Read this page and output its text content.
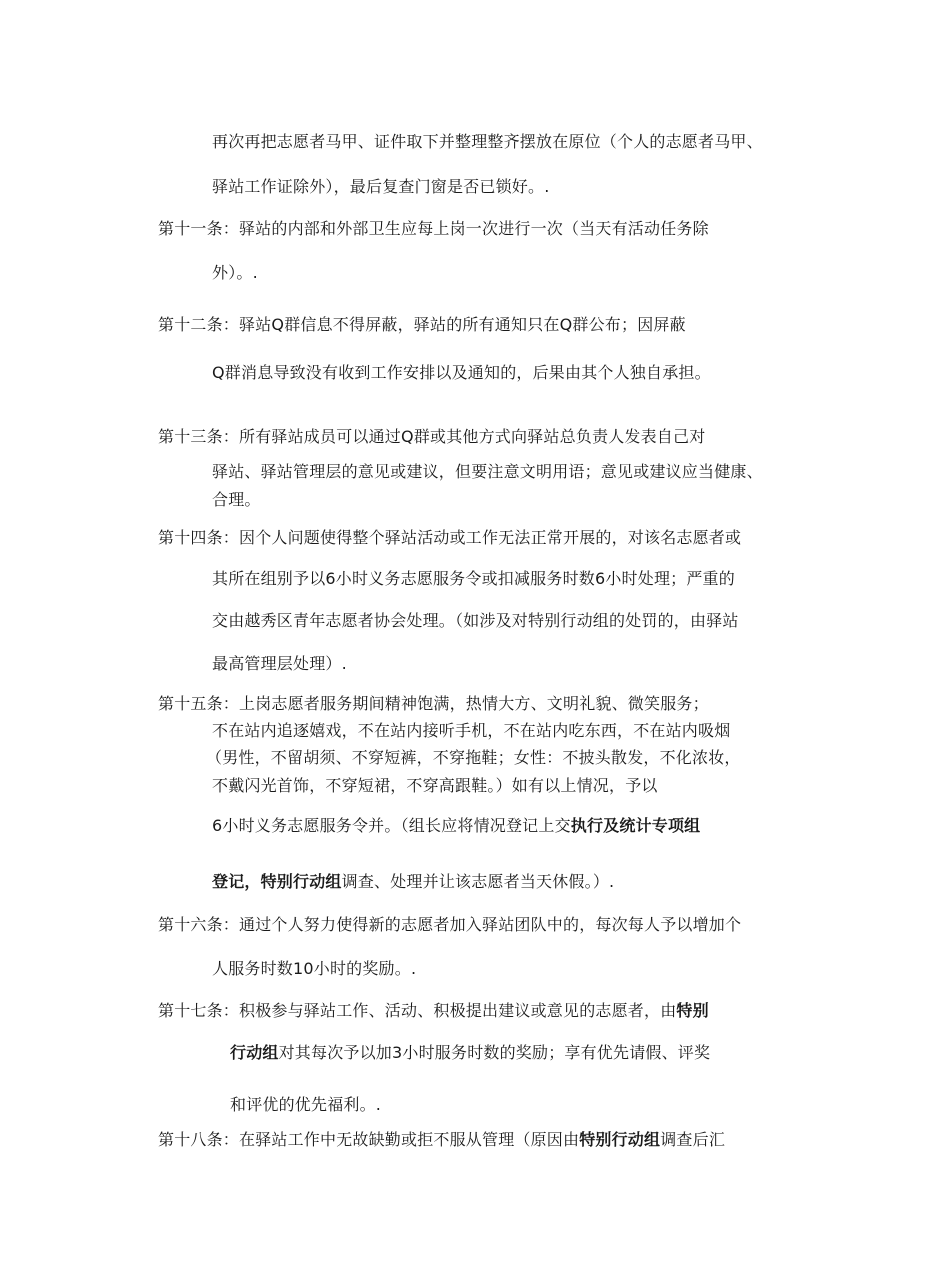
再次再把志愿者马甲、证件取下并整理整齐摆放在原位（个人的志愿者马甲、
驿站工作证除外），最后复查门窗是否已锁好。.
第十一条：驿站的内部和外部卫生应每上岗一次进行一次（当天有活动任务除
外）。.
第十二条：驿站Q群信息不得屏蔽，驿站的所有通知只在Q群公布；因屏蔽
Q群消息导致没有收到工作安排以及通知的，后果由其个人独自承担。
第十三条：所有驿站成员可以通过Q群或其他方式向驿站总负责人发表自己对
驿站、驿站管理层的意见或建议，但要注意文明用语；意见或建议应当健康、
合理。
第十四条：因个人问题使得整个驿站活动或工作无法正常开展的，对该名志愿者或
其所在组别予以6小时义务志愿服务令或扣减服务时数6小时处理；严重的
交由越秀区青年志愿者协会处理。（如涉及对特别行动组的处罚的，由驿站
最高管理层处理）.
第十五条：上岗志愿者服务期间精神饱满，热情大方、文明礼貌、微笑服务；
不在站内追逐嬉戏，不在站内接听手机，不在站内吃东西，不在站内吸烟
（男性，不留胡须、不穿短裤，不穿拖鞋；女性：不披头散发，不化浓妆，
不戴闪光首饰，不穿短裙，不穿高跟鞋。）如有以上情况，予以
6小时义务志愿服务令并。（组长应将情况登记上交执行及统计专项组
登记，特别行动组调查、处理并让该志愿者当天休假。）.
第十六条：通过个人努力使得新的志愿者加入驿站团队中的，每次每人予以增加个
人服务时数10小时的奖励。.
第十七条：积极参与驿站工作、活动、积极提出建议或意见的志愿者，由特别
行动组对其每次予以加3小时服务时数的奖励；享有优先请假、评奖
和评优的优先福利。.
第十八条：在驿站工作中无故缺勤或拒不服从管理（原因由特别行动组调查后汇
